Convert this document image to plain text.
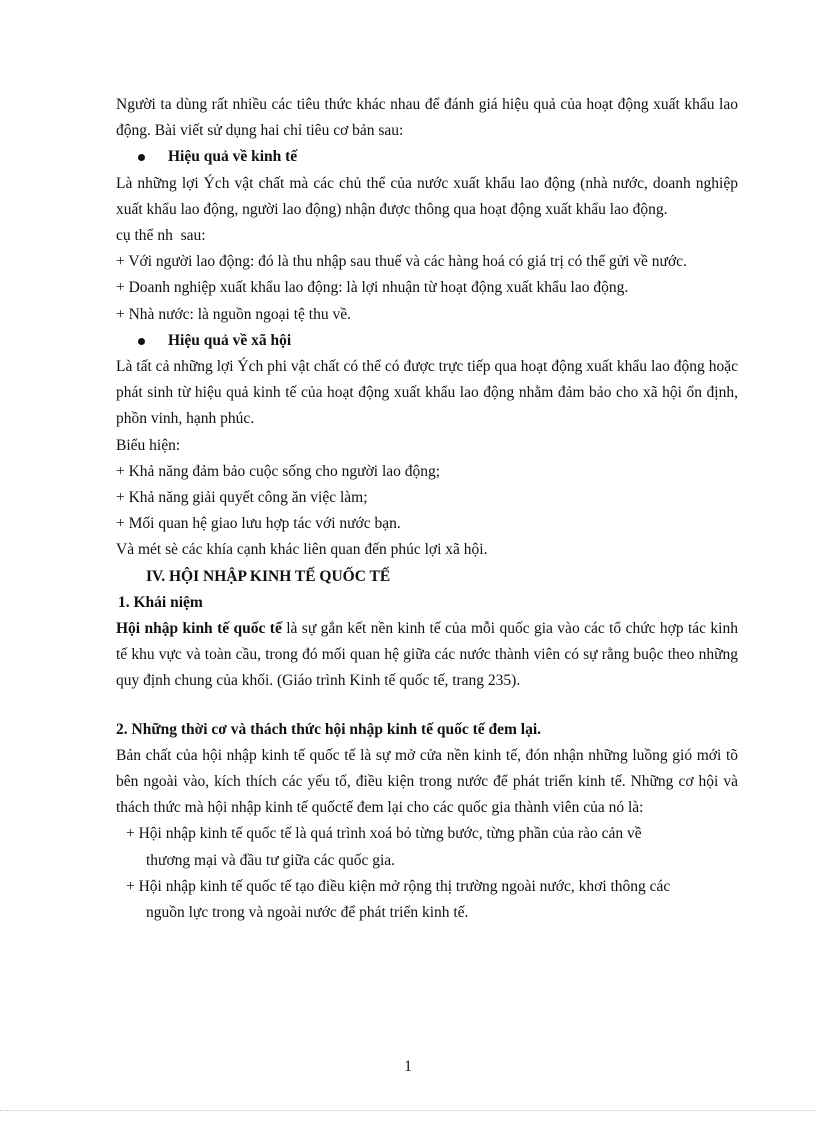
Người ta dùng rất nhiều các tiêu thức khác nhau để đánh giá hiệu quả của hoạt động xuất khẩu lao động. Bài viết sử dụng hai chỉ tiêu cơ bản sau:

Hiệu quả về kinh tế

Là những lợi Ých vật chất mà các chủ thể của nước xuất khẩu lao động (nhà nước, doanh nghiệp xuất khẩu lao động, người lao động) nhận được thông qua hoạt động xuất khẩu lao động.

cụ thể nh  sau:

+ Với người lao động: đó là thu nhập sau thuế và các hàng hoá có giá trị có thể gửi về nước.

+ Doanh nghiệp xuất khẩu lao động: là lợi nhuận từ hoạt động xuất khẩu lao động.

+ Nhà nước: là nguồn ngoại tệ thu về.

Hiệu quả về xã hội

Là tất cả những lợi Ých phi vật chất có thể có được trực tiếp qua hoạt động xuất khẩu lao động hoặc phát sinh từ hiệu quả kinh tế của hoạt động xuất khẩu lao động nhằm đảm bảo cho xã hội ổn định, phồn vinh, hạnh phúc.

Biểu hiện:

+ Khả năng đảm bảo cuộc sống cho người lao động;

+ Khả năng giải quyết công ăn việc làm;

+ Mối quan hệ giao lưu hợp tác với nước bạn.

Và mét sè các khía cạnh khác liên quan đến phúc lợi xã hội.

IV. HỘI NHẬP KINH TẾ QUỐC TẾ

1. Khái niệm

Hội nhập kinh tế quốc tế là sự gắn kết nền kinh tế của mỗi quốc gia vào các tổ chức hợp tác kinh tế khu vực và toàn cầu, trong đó mối quan hệ giữa các nước thành viên có sự rằng buộc theo những quy định chung của khối. (Giáo trình Kinh tế quốc tế, trang 235).

2. Những thời cơ và thách thức hội nhập kinh tế quốc tế đem lại.

Bản chất của hội nhập kinh tế quốc tế là sự mở cửa nền kinh tế, đón nhận những luồng gió mới tõ bên ngoài vào, kích thích các yếu tố, điều kiện trong nước để phát triển kinh tế. Những cơ hội và thách thức mà hội nhập kinh tế quốctế đem lại cho các quốc gia thành viên của nó là:

+ Hội nhập kinh tế quốc tế là quá trình xoá bỏ từng bước, từng phần của rào cản về
thương mại và đầu tư giữa các quốc gia.

+ Hội nhập kinh tế quốc tế tạo điều kiện mở rộng thị trường ngoài nước, khơi thông các
nguồn lực trong và ngoài nước để phát triển kinh tế.

1
